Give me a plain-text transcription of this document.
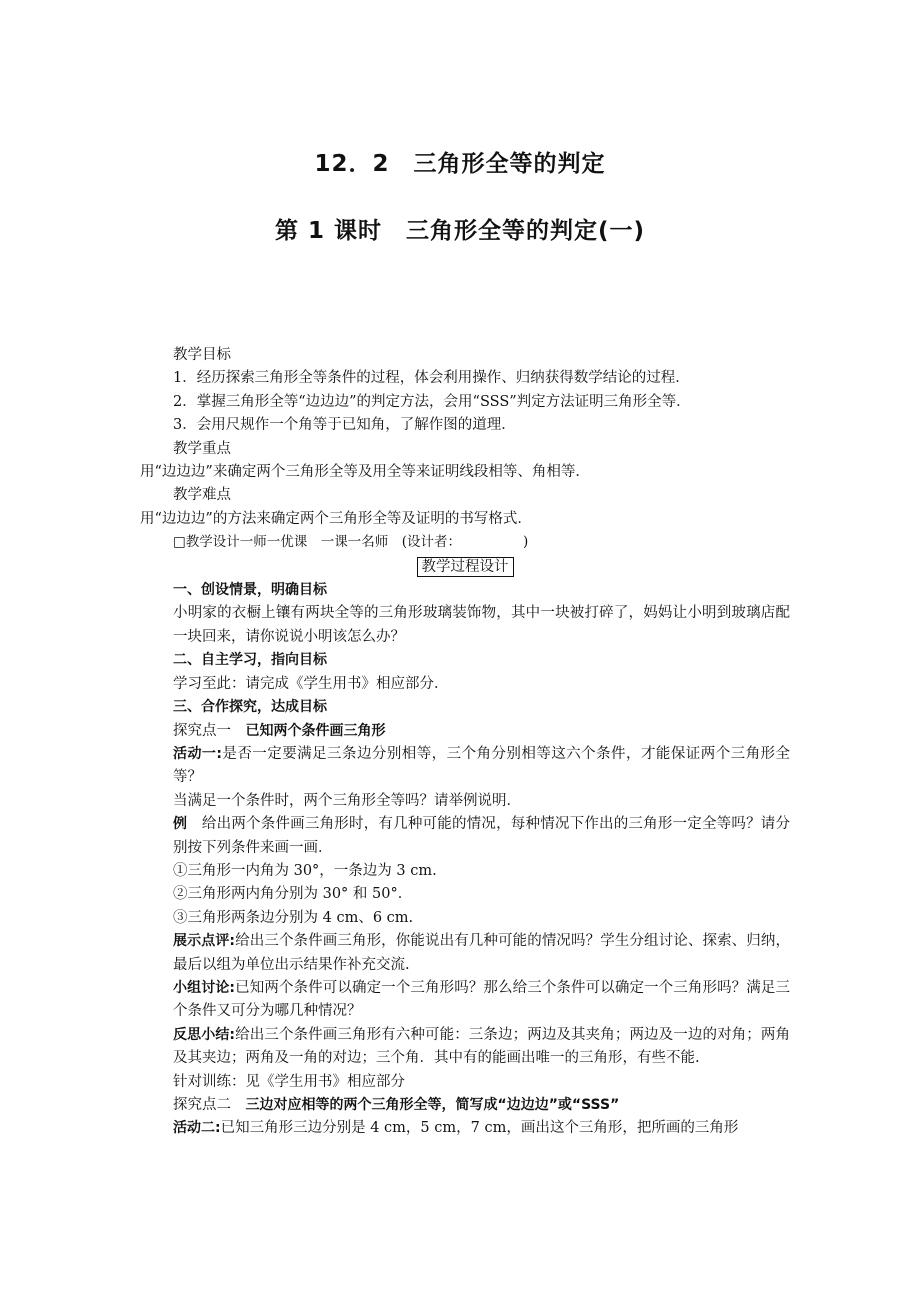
12．2　三角形全等的判定
第 1 课时　三角形全等的判定(一)

教学目标

1．经历探索三角形全等条件的过程，体会利用操作、归纳获得数学结论的过程．

2．掌握三角形全等“边边边”的判定方法，会用“SSS”判定方法证明三角形全等．

3．会用尺规作一个角等于已知角，了解作图的道理．

教学重点

用“边边边”来确定两个三角形全等及用全等来证明线段相等、角相等．

教学难点

用“边边边”的方法来确定两个三角形全等及证明的书写格式．

□教学设计一师一优课　一课一名师　(设计者：	)

教学过程设计

一、创设情景，明确目标

小明家的衣橱上镶有两块全等的三角形玻璃装饰物，其中一块被打碎了，妈妈让小明到玻璃店配一块回来，请你说说小明该怎么办？

二、自主学习，指向目标

学习至此：请完成《学生用书》相应部分．

三、合作探究，达成目标

探究点一　已知两个条件画三角形

活动一:是否一定要满足三条边分别相等，三个角分别相等这六个条件，才能保证两个三角形全等？

当满足一个条件时，两个三角形全等吗？请举例说明．

例　给出两个条件画三角形时，有几种可能的情况，每种情况下作出的三角形一定全等吗？请分别按下列条件来画一画．

①三角形一内角为 30°，一条边为 3 cm.

②三角形两内角分别为 30° 和 50°．

③三角形两条边分别为 4 cm、6 cm.

展示点评:给出三个条件画三角形，你能说出有几种可能的情况吗？学生分组讨论、探索、归纳，最后以组为单位出示结果作补充交流.

小组讨论:已知两个条件可以确定一个三角形吗？那么给三个条件可以确定一个三角形吗？满足三个条件又可分为哪几种情况？

反思小结:给出三个条件画三角形有六种可能：三条边；两边及其夹角；两边及一边的对角；两角及其夹边；两角及一角的对边；三个角．其中有的能画出唯一的三角形，有些不能.

针对训练：见《学生用书》相应部分

探究点二　三边对应相等的两个三角形全等，简写成“边边边”或“SSS”

活动二:已知三角形三边分别是 4 cm，5 cm，7 cm，画出这个三角形，把所画的三角形
